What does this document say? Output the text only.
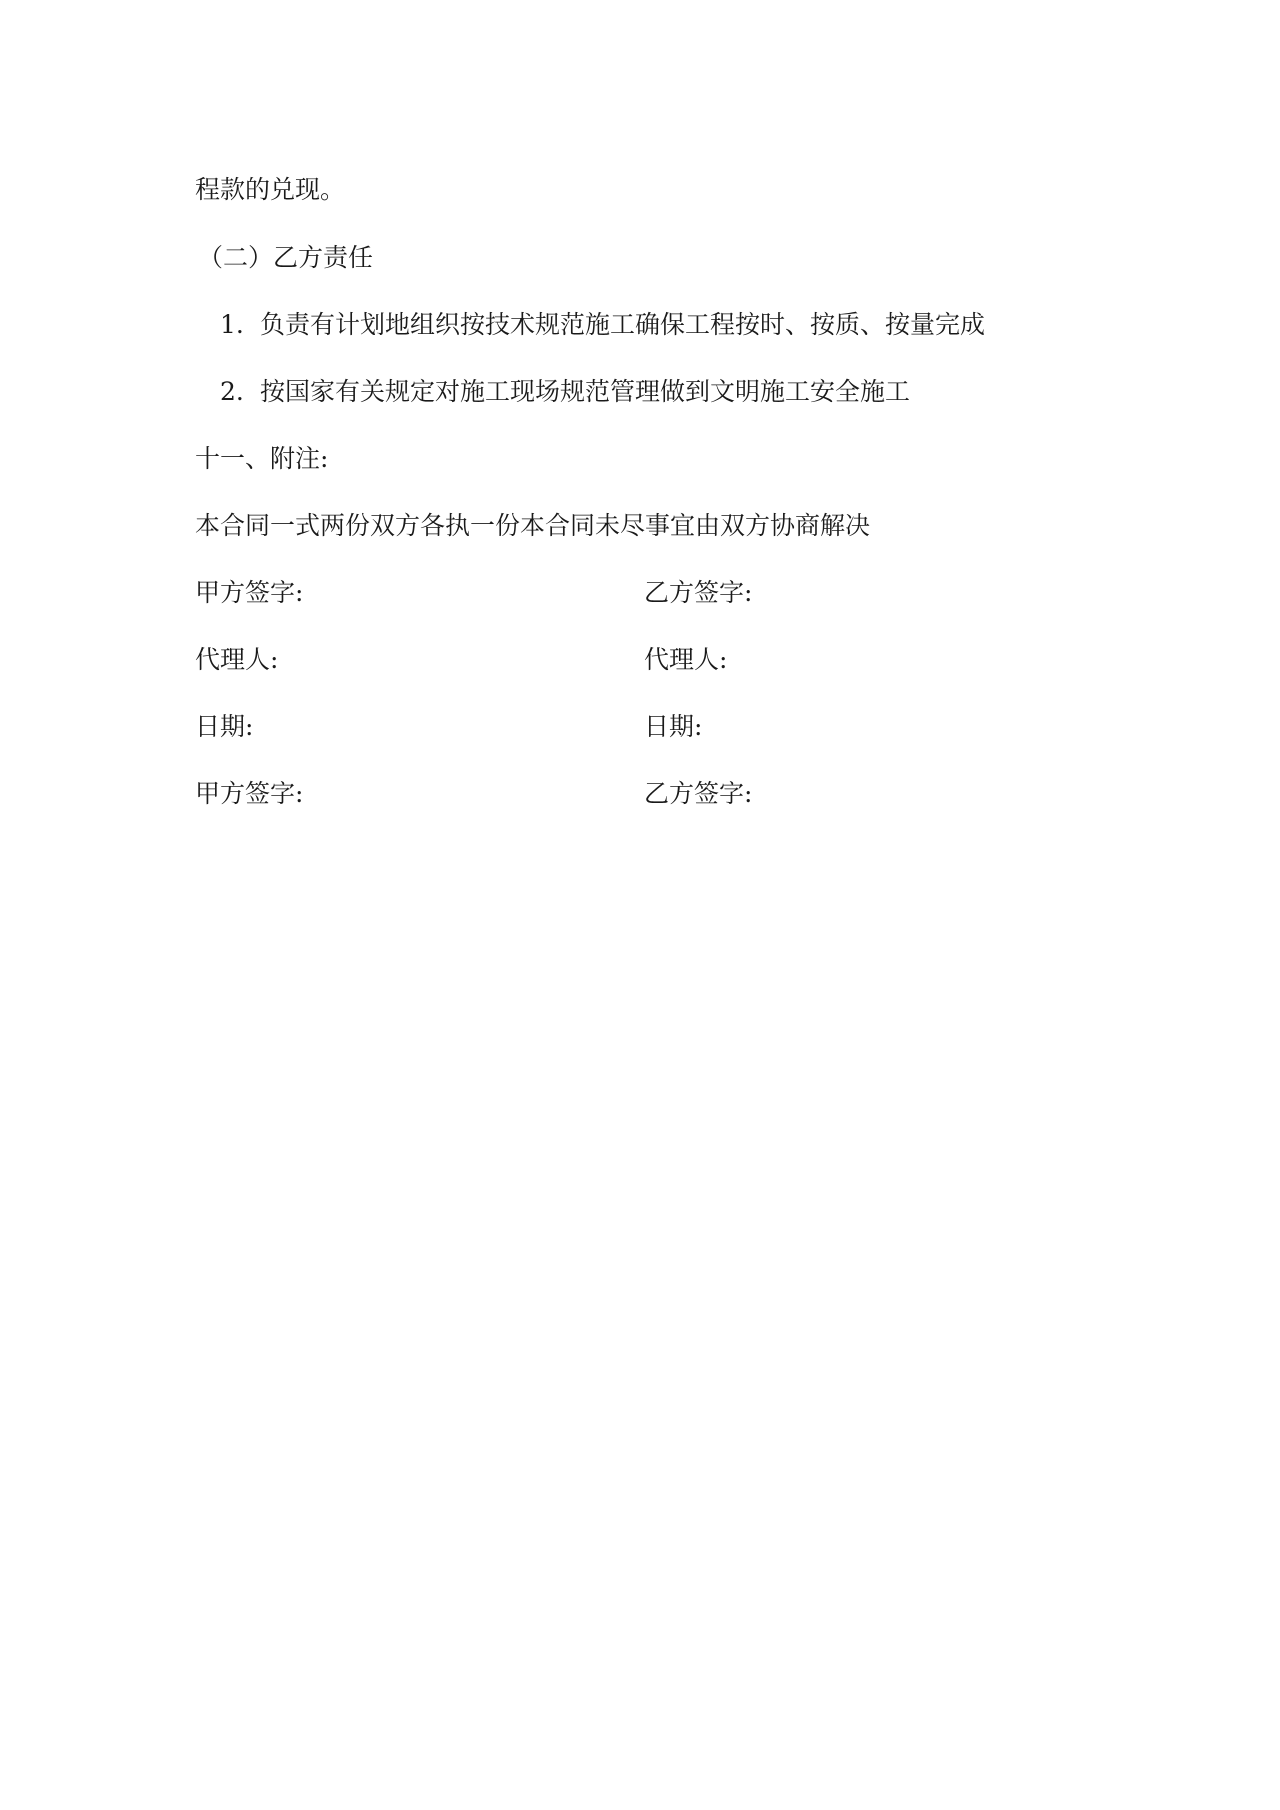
程款的兑现。
（二）乙方责任
1. 负责有计划地组织按技术规范施工确保工程按时、按质、按量完成
2. 按国家有关规定对施工现场规范管理做到文明施工安全施工
十一、附注:
本合同一式两份双方各执一份本合同未尽事宜由双方协商解决
甲方签字:	乙方签字:
代理人:	代理人:
日期:	日期:
甲方签字:	乙方签字:
